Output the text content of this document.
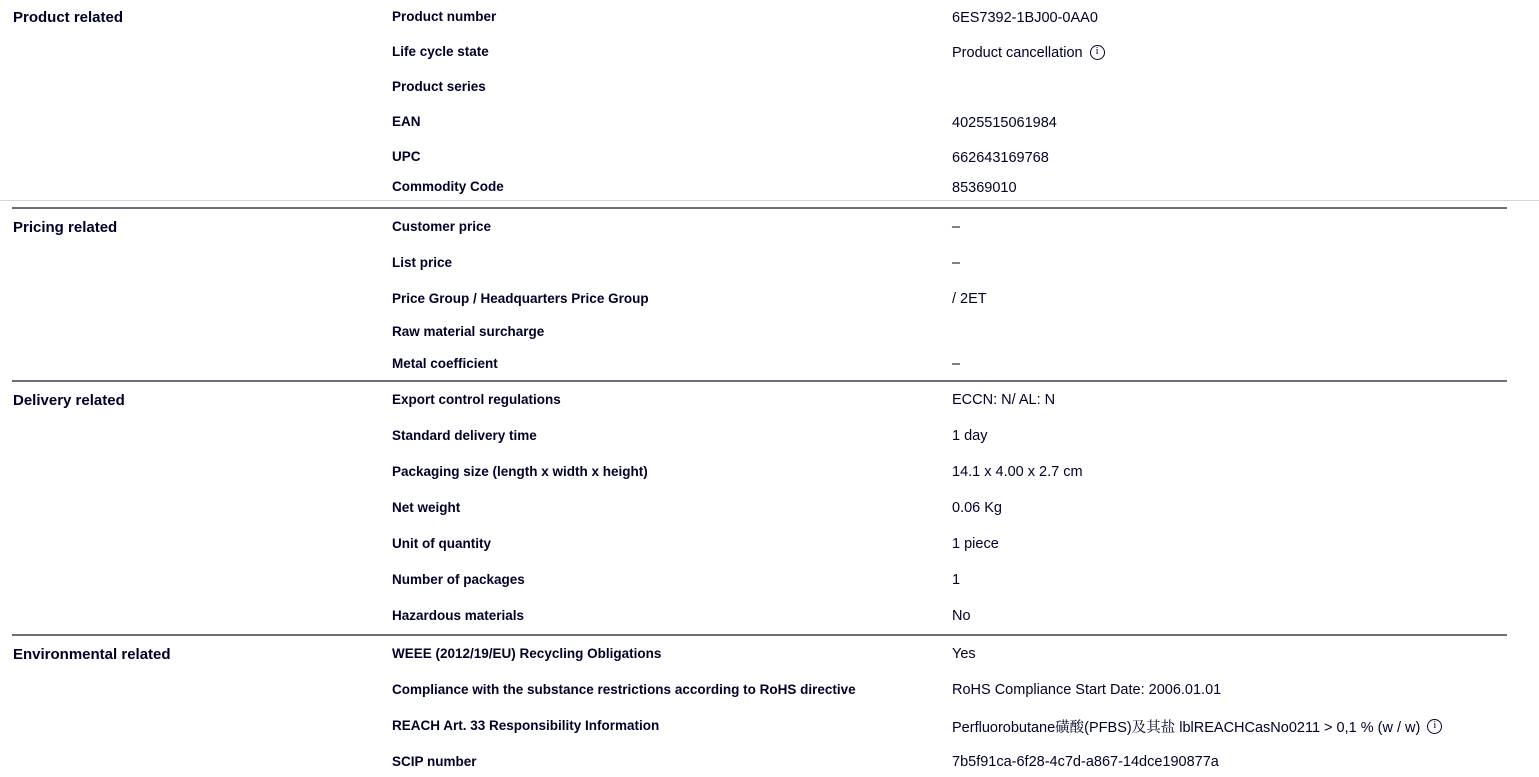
Product related	Product number	6ES7392-1BJ00-0AA0
Life cycle state	Product cancellation	i
Product series
EAN	4025515061984
UPC	662643169768
Commodity Code	85369010
Pricing related	Customer price	–
List price	–
Price Group / Headquarters Price Group	/ 2ET
Raw material surcharge
Metal coefficient	–
Delivery related	Export control regulations	ECCN: N/ AL: N
Standard delivery time	1 day
Packaging size (length x width x height)	14.1 x 4.00 x 2.7 cm
Net weight	0.06 Kg
Unit of quantity	1 piece
Number of packages	1
Hazardous materials	No
Environmental related	WEEE (2012/19/EU) Recycling Obligations	Yes
Compliance with the substance restrictions according to RoHS directive	RoHS Compliance Start Date: 2006.01.01
REACH Art. 33 Responsibility Information	Perfluorobutane磺酸(PFBS)及其盐 lblREACHCasNo0211 > 0,1 % (w / w)	i
SCIP number	7b5f91ca-6f28-4c7d-a867-14dce190877a
